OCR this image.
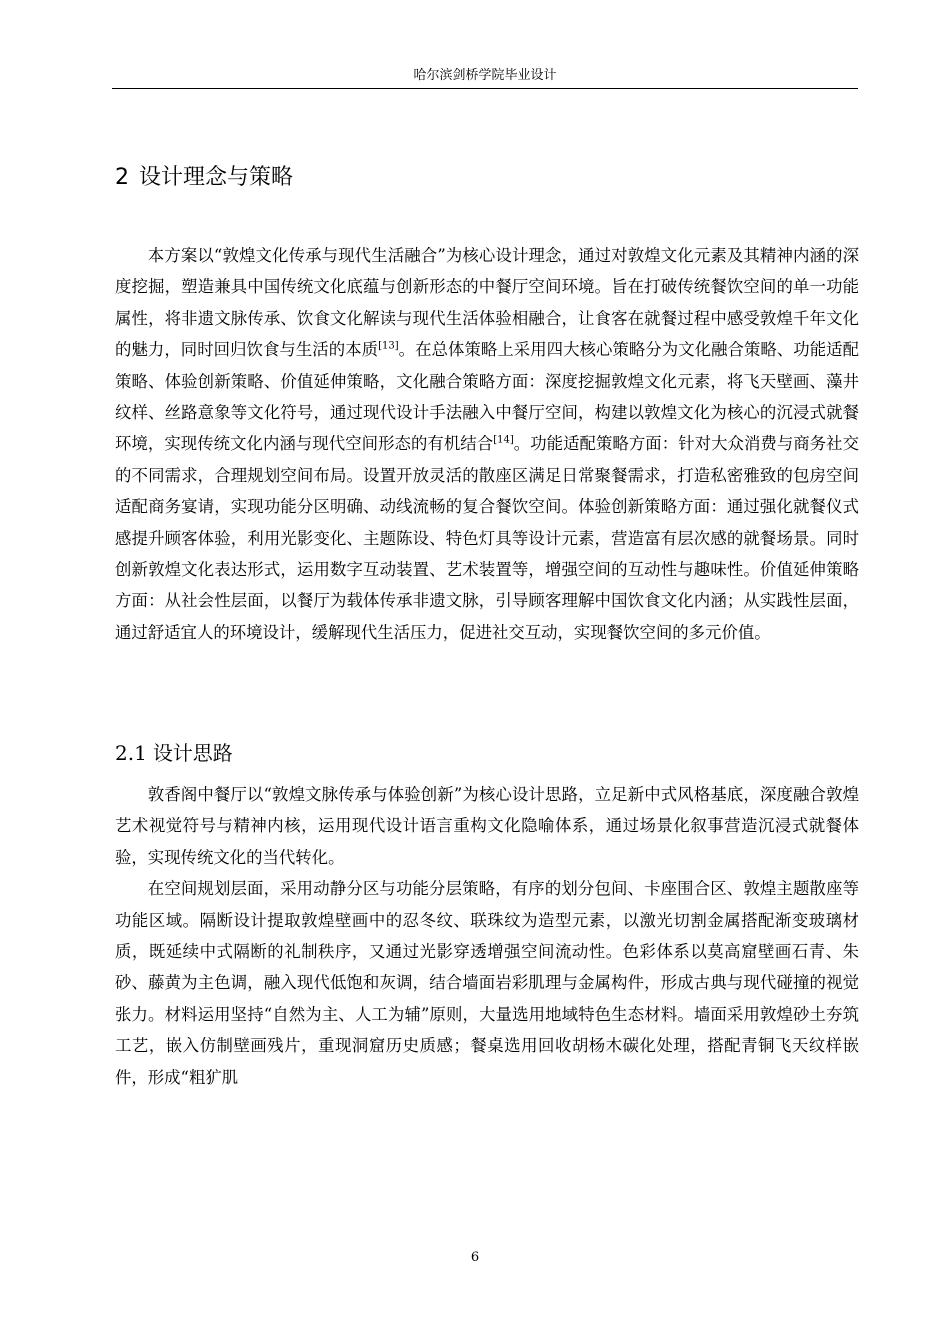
哈尔滨剑桥学院毕业设计
2 设计理念与策略

本方案以“敦煌文化传承与现代生活融合”为核心设计理念，通过对敦煌文化元素及其精神内涵的深度挖掘，塑造兼具中国传统文化底蕴与创新形态的中餐厅空间环境。旨在打破传统餐饮空间的单一功能属性，将非遗文脉传承、饮食文化解读与现代生活体验相融合，让食客在就餐过程中感受敦煌千年文化的魅力，同时回归饮食与生活的本质[13]。在总体策略上采用四大核心策略分为文化融合策略、功能适配策略、体验创新策略、价值延伸策略，文化融合策略方面：深度挖掘敦煌文化元素，将飞天壁画、藻井纹样、丝路意象等文化符号，通过现代设计手法融入中餐厅空间，构建以敦煌文化为核心的沉浸式就餐环境，实现传统文化内涵与现代空间形态的有机结合[14]。功能适配策略方面：针对大众消费与商务社交的不同需求，合理规划空间布局。设置开放灵活的散座区满足日常聚餐需求，打造私密雅致的包房空间适配商务宴请，实现功能分区明确、动线流畅的复合餐饮空间。体验创新策略方面：通过强化就餐仪式感提升顾客体验，利用光影变化、主题陈设、特色灯具等设计元素，营造富有层次感的就餐场景。同时创新敦煌文化表达形式，运用数字互动装置、艺术装置等，增强空间的互动性与趣味性。价值延伸策略方面：从社会性层面，以餐厅为载体传承非遗文脉，引导顾客理解中国饮食文化内涵；从实践性层面，通过舒适宜人的环境设计，缓解现代生活压力，促进社交互动，实现餐饮空间的多元价值。

2.1 设计思路

敦香阁中餐厅以“敦煌文脉传承与体验创新”为核心设计思路，立足新中式风格基底，深度融合敦煌艺术视觉符号与精神内核，运用现代设计语言重构文化隐喻体系，通过场景化叙事营造沉浸式就餐体验，实现传统文化的当代转化。

在空间规划层面，采用动静分区与功能分层策略，有序的划分包间、卡座围合区、敦煌主题散座等功能区域。隔断设计提取敦煌壁画中的忍冬纹、联珠纹为造型元素，以激光切割金属搭配渐变玻璃材质，既延续中式隔断的礼制秩序，又通过光影穿透增强空间流动性。色彩体系以莫高窟壁画石青、朱砂、藤黄为主色调，融入现代低饱和灰调，结合墙面岩彩肌理与金属构件，形成古典与现代碰撞的视觉张力。材料运用坚持“自然为主、人工为辅”原则，大量选用地域特色生态材料。墙面采用敦煌砂土夯筑工艺，嵌入仿制壁画残片，重现洞窟历史质感；餐桌选用回收胡杨木碳化处理，搭配青铜飞天纹样嵌件，形成“粗犷肌

6
